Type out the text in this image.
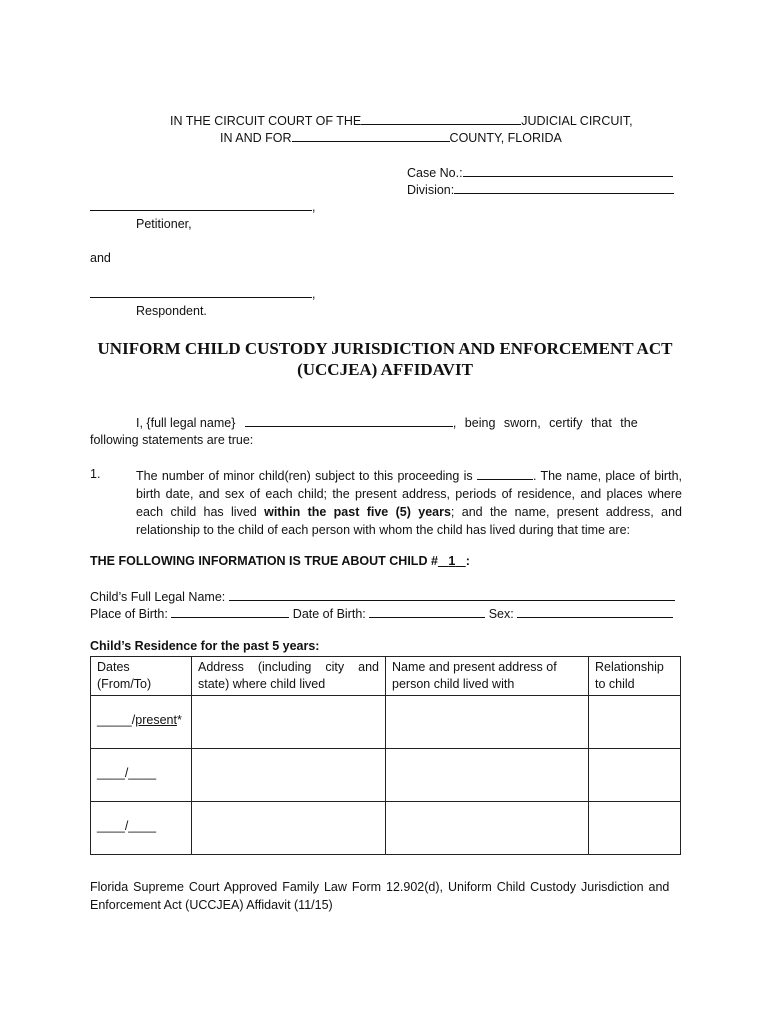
IN THE CIRCUIT COURT OF THE	JUDICIAL CIRCUIT,
IN AND FOR	COUNTY, FLORIDA
Case No.:
Division:
,
Petitioner,
and
,
Respondent.
UNIFORM CHILD CUSTODY JURISDICTION AND ENFORCEMENT ACT
(UCCJEA) AFFIDAVIT
I, {full legal name}	, being sworn, certify that the
following statements are true:
1.	The number of minor child(ren) subject to this proceeding is	. The name, place of birth, birth date, and sex of each child; the present address, periods of residence, and places where each child has lived within the past five (5) years; and the name, present address, and relationship to the child of each person with whom the child has lived during that time are:
THE FOLLOWING INFORMATION IS TRUE ABOUT CHILD # 1 :
Child’s Full Legal Name:
Place of Birth:	Date of Birth:	Sex:
Child’s Residence for the past 5 years:
Dates (From/To)	Address (including city and state) where child lived	Name and present address of person child lived with	Relationship to child
_____/present*			
____/____			
____/____			
Florida Supreme Court Approved Family Law Form 12.902(d), Uniform Child Custody Jurisdiction and
Enforcement Act (UCCJEA) Affidavit (11/15)
